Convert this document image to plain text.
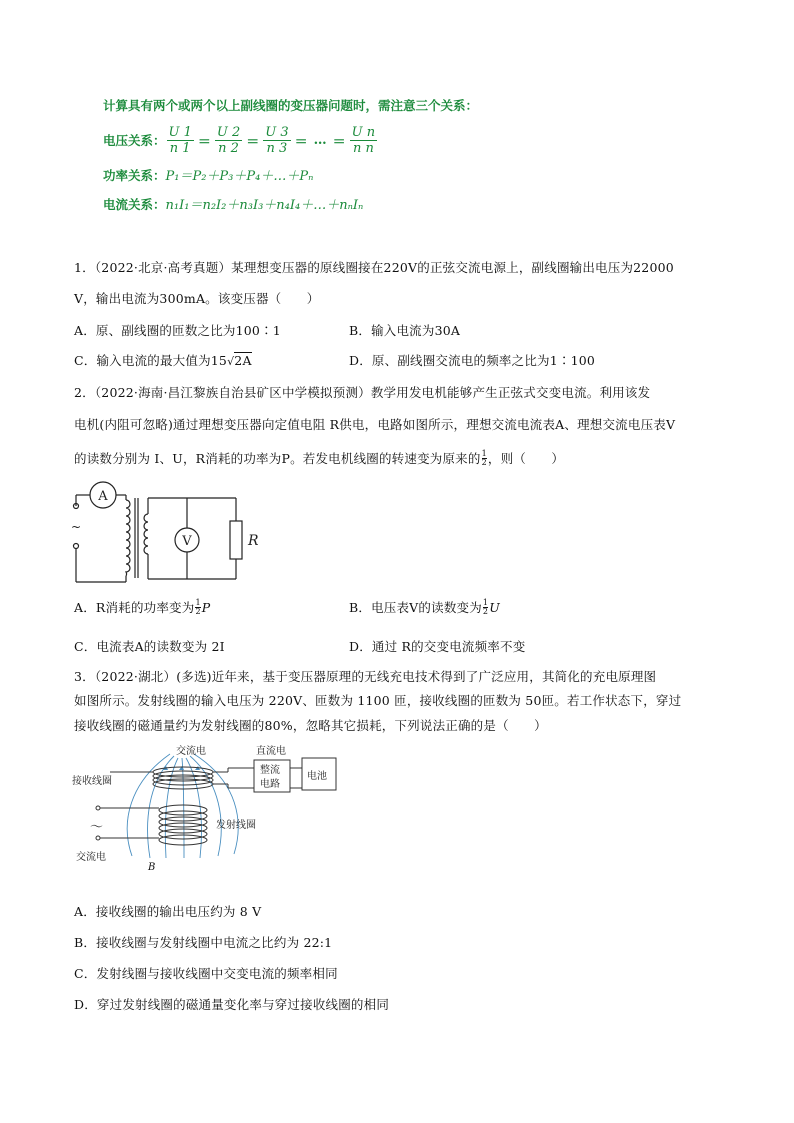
计算具有两个或两个以上副线圈的变压器问题时，需注意三个关系：
电压关系： $\frac{U 1}{n 1} = \frac{U 2}{n 2} = \frac{U 3}{n 3}$ ＝ … ＝ $\frac{\text{U n}}{\text{n n}}$
功率关系：P₁＝P₂＋P₃＋P₄＋…＋Pₙ
电流关系：n₁I₁＝n₂I₂＋n₃I₃＋n₄I₄＋…＋nₙIₙ
1．（2022·北京·高考真题）某理想变压器的原线圈接在220V的正弦交流电源上，副线圈输出电压为22000
V，输出电流为300mA。该变压器（　　）
A．原、副线圈的匝数之比为100∶1	B．输入电流为30A
C．输入电流的最大值为15√2A	D．原、副线圈交流电的频率之比为1∶100
2．（2022·海南·昌江黎族自治县矿区中学模拟预测）教学用发电机能够产生正弦式交变电流。利用该发
电机(内阻可忽略)通过理想变压器向定值电阻 R供电，电路如图所示，理想交流电流表A、理想交流电压表V
的读数分别为 I、U，R消耗的功率为P。若发电机线圈的转速变为原来的 1
2 ，则（　　）
A
V	R
~
A．R消耗的功率变为 1
2 P	B．电压表V的读数变为 1
2 U
C．电流表A的读数变为 2I	D．通过 R的交变电流频率不变
3．（2022·湖北）(多选)近年来，基于变压器原理的无线充电技术得到了广泛应用，其简化的充电原理图
如图所示。发射线圈的输入电压为 220V、匝数为 1100 匝，接收线圈的匝数为 50匝。若工作状态下，穿过
接收线圈的磁通量约为发射线圈的80%，忽略其它损耗，下列说法正确的是（　　）
交流电	直流电
接收线圈
整流
电路
电池
发射线圈
～
交流电
B
A．接收线圈的输出电压约为 8 V
B．接收线圈与发射线圈中电流之比约为 22:1
C．发射线圈与接收线圈中交变电流的频率相同
D．穿过发射线圈的磁通量变化率与穿过接收线圈的相同
